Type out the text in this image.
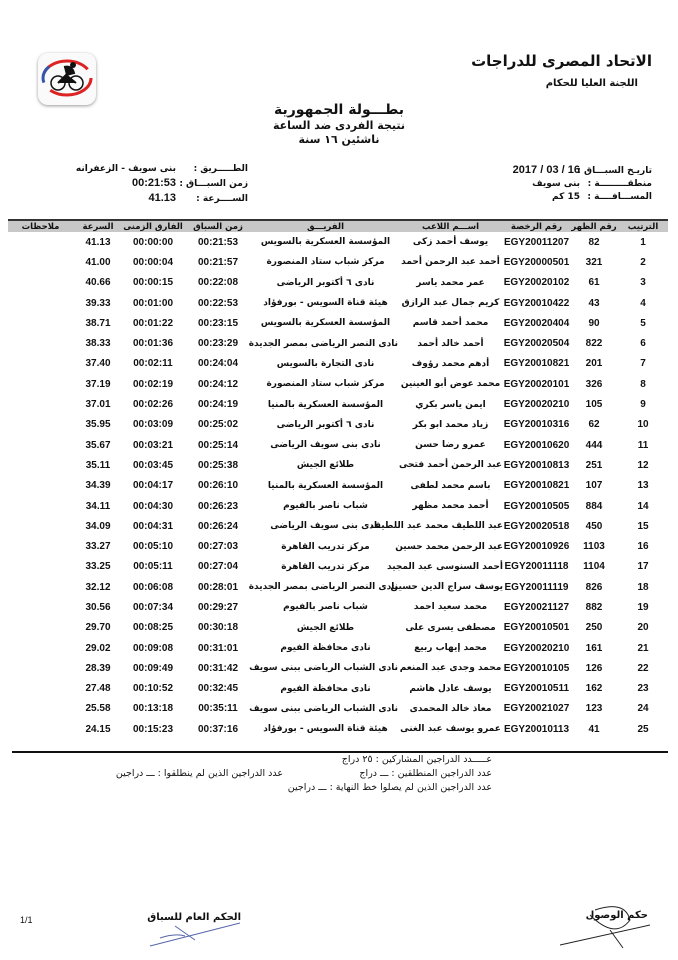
الاتحاد المصرى للدراجات
اللجنة العليا للحكام
بطـــولة الجمهورية
نتيجة الفردى ضد الساعة
ناشئين ١٦ سنة
تاريـخ السبـــاق :16 / 03 / 2017
منطقـــــــــة :بنى سويف
المســـافــــة :15 كم
الطـــــريق :بنى سويف - الزعفرانه
زمن السبـــاق :00:21:53
الســــرعة :41.13
الترتيب	رقم الظهر	رقم الرخصة	اســـم اللاعب	الفريـــق	زمن السباق	الفارق الزمنى	السرعة	ملاحظات
1	82	EGY20011207	يوسف أحمد زكى	المؤسسة العسكرية بالسويس	00:21:53	00:00:00	41.13	
2	321	EGY20000501	أحمد عبد الرحمن أحمد	مركز شباب ستاد المنصورة	00:21:57	00:00:04	41.00	
3	61	EGY20020102	عمر محمد ياسر	نادى ٦ أكتوبر الرياضى	00:22:08	00:00:15	40.66	
4	43	EGY20010422	كريم جمال عبد الرازق	هيئة قناة السويس - بورفؤاد	00:22:53	00:01:00	39.33	
5	90	EGY20020404	محمد أحمد قاسم	المؤسسة العسكرية بالسويس	00:23:15	00:01:22	38.71	
6	822	EGY20020504	أحمد خالد أحمد	نادى النصر الرياضى بمصر الجديدة	00:23:29	00:01:36	38.33	
7	201	EGY20010821	أدهم محمد رؤوف	نادى التجارة بالسويس	00:24:04	00:02:11	37.40	
8	326	EGY20020101	محمد عوض أبو العينين	مركز شباب ستاد المنصورة	00:24:12	00:02:19	37.19	
9	105	EGY20020210	ايمن ياسر بكري	المؤسسة العسكرية بالمنيا	00:24:19	00:02:26	37.01	
10	62	EGY20010316	زياد محمد ابو بكر	نادى ٦ أكتوبر الرياضى	00:25:02	00:03:09	35.95	
11	444	EGY20010620	عمرو رضا حسن	نادى بنى سويف الرياضى	00:25:14	00:03:21	35.67	
12	251	EGY20010813	عبد الرحمن أحمد فتحى	طلائع الجيش	00:25:38	00:03:45	35.11	
13	107	EGY20010821	باسم محمد لطفى	المؤسسة العسكرية بالمنيا	00:26:10	00:04:17	34.39	
14	884	EGY20010505	أحمد محمد مظهر	شباب ناصر بالفيوم	00:26:23	00:04:30	34.11	
15	450	EGY20020518	عبد اللطيف محمد عبد اللطيف	نادى بنى سويف الرياضى	00:26:24	00:04:31	34.09	
16	1103	EGY20010926	عبد الرحمن محمد حسين	مركز تدريب القاهرة	00:27:03	00:05:10	33.27	
17	1104	EGY20011118	أحمد السنوسى عبد المجيد	مركز تدريب القاهرة	00:27:04	00:05:11	33.25	
18	826	EGY20011119	يوسف سراج الدين حسين	نادى النصر الرياضى بمصر الجديدة	00:28:01	00:06:08	32.12	
19	882	EGY20021127	محمد سعيد احمد	شباب ناصر بالفيوم	00:29:27	00:07:34	30.56	
20	250	EGY20010501	مصطفى يسرى على	طلائع الجيش	00:30:18	00:08:25	29.70	
21	161	EGY20020210	محمد إيهاب ربيع	نادى محافظة الفيوم	00:31:01	00:09:08	29.02	
22	126	EGY20010105	محمد وجدى عبد المنعم	نادى الشباب الرياضى ببنى سويف	00:31:42	00:09:49	28.39	
23	162	EGY20010511	يوسف عادل هاشم	نادى محافظة الفيوم	00:32:45	00:10:52	27.48	
24	123	EGY20021027	معاذ خالد المحمدى	نادى الشباب الرياضى ببنى سويف	00:35:11	00:13:18	25.58	
25	41	EGY20010113	عمرو يوسف عبد الغنى	هيئة قناة السويس - بورفؤاد	00:37:16	00:15:23	24.15	
عـــــدد الدراجين المشاركين : ٢٥ دراج
عدد الدراجين المنطلقين : ـــ دراج
عدد الدراجين الذين لم يصلوا خط النهاية : ـــ دراجين
عدد الدراجين الذين لم ينطلقوا : ـــ دراجين
حكم الوصول
الحكم العام للسباق
1/1
